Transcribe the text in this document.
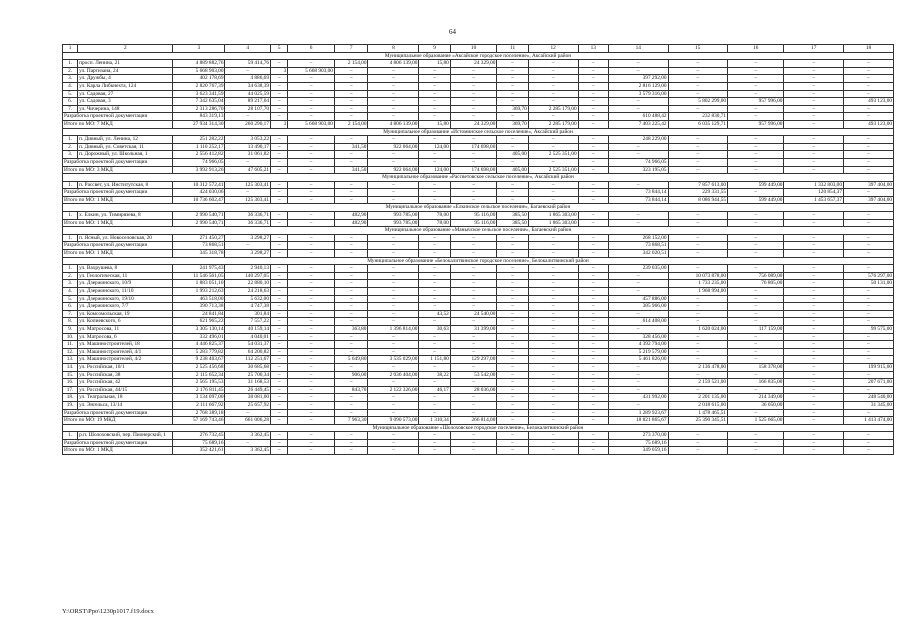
64
1	2	3	4	5	6	7	8	9	10	11	12	13	14	15	16	17	18
Муниципальное образование «Аксайское городское поселение», Аксайский район																	
1.	просп. Ленина, 21	4 889 882,76	59 414,76	–	–	2 154,00	4 806 139,00	15,80	24 329,00	–	–	–	–	–	–	–	–
2.	ул. Партизана, 24	5 668 903,00	–	3	5 668 903,00	–	–	–	–	–	–	–	–	–	–	–	–
3.	ул. Дружбы, 4	402 178,69	4 886,69	–	–	–	–	–	–	–	–	–	397 292,00	–	–	–	–
4.	ул. Карла Либкнехта, 124	2 820 767,39	34 638,39	–	–	–	–	–	–	–	–	–	2 816 129,00	–	–	–	–
5.	ул. Садовая, 27	3 623 341,59	44 025,59	–	–	–	–	–	–	–	–	–	3 579 316,00	–	–	–	–
6.	ул. Садовая, 3	7 342 635,04	89 217,04	–	–	–	–	–	–	–	–	–	–	5 802 299,00	957 996,00	–	493 123,00
7.	ул. Чичерина, 148	2 313 286,70	28 107,70	–	–	–	–	–	–	369,70	2 285 179,00	–	–	–	–	–	–
Разработка проектной документации		843 319,13	–	–	–	–	–	–	–	–	–	–	610 488,42	232 830,71	–	–	–
Итого по МО: 7 МКД		27 934 314,30	260 290,17	3	5 668 903,00	2 154,00	4 806 139,00	15,80	24 329,00	369,70	2 285 179,00	–	7 403 225,42	6 035 129,71	957 996,00	–	493 123,00
Муниципальное образование «Истоминское сельское поселение», Аксайский район																	
1.	п. Дивный, ул. Ленина, 12	251 282,22	3 053,22	–	–	–	–	–	–	–	–	–	248 229,00	–	–	–	–
2.	п. Дивный, ул. Советская, 11	1 110 252,17	13 490,17	–	–	341,50	922 064,00	124,00	174 698,00	–	–	–	–	–	–	–	–
3.	п. Дорожный, ул. Школьная, 1	2 556 412,82	31 061,82	–	–	–	–	–	–	405,00	2 525 351,00	–	–	–	–	–	–
Разработка проектной документации		74 966,05	–	–	–	–	–	–	–	–	–	–	74 966,05	–	–	–	–
Итого по МО: 3 МКД		3 992 913,26	47 605,21	–	–	341,50	922 064,00	124,00	174 698,00	405,00	2 525 351,00	–	323 195,05	–	–	–	–
Муниципальное образование «Рассветовское сельское поселение», Аксайский район																	
1.	п. Рассвет, ул. Институтская, 8	10 312 572,41	125 303,41	–	–	–	–	–	–	–	–	–	–	7 857 613,00	599 449,00	1 332 803,00	397 404,00
Разработка проектной документации		424 030,06	–	–	–	–	–	–	–	–	–	–	73 844,14	229 331,55	–	120 854,37	–
Итого по МО: 1 МКД		10 736 602,47	125 303,41	–	–	–	–	–	–	–	–	–	73 844,14	8 086 944,55	599 449,00	1 453 657,37	397 404,00
Муниципальное образование «Елкинское сельское поселение», Багаевский район																	
1.	х. Елкин, ул. Тимирязева, 8	2 990 540,71	36 336,71	–	–	482,90	993 785,00	78,00	95 116,00	385,50	1 865 303,00	–	–	–	–	–	–
Итого по МО: 1 МКД		2 990 540,71	36 336,71	–	–	482,90	993 785,00	78,00	95 116,00	385,50	1 865 303,00	–	–	–	–	–	–
Муниципальное образование «Манычское сельское поселение», Багаевский район																	
1.	п. Ясный, ул. Новоселовская, 20	271 450,27	3 298,27	–	–	–	–	–	–	–	–	–	268 152,00	–	–	–	–
Разработка проектной документации		73 868,51	–	–	–	–	–	–	–	–	–	–	73 868,51	–	–	–	–
Итого по МО: 1 МКД		345 318,78	3 298,27	–	–	–	–	–	–	–	–	–	342 020,51	–	–	–	–
Муниципальное образование «Белокалитвинское городское поселение», Белокалитвинский район																	
1.	ул. Вахрушева, 8	241 975,43	2 940,13	–	–	–	–	–	–	–	–	–	239 035,00	–	–	–	–
2.	ул. Геологическая, 11	11 546 561,05	140 297,05	–	–	–	–	–	–	–	–	–	–	10 073 878,00	756 089,00	–	576 297,00
3.	ул. Дзержинского, 10/9	1 883 051,10	22 880,10	–	–	–	–	–	–	–	–	–	–	1 733 235,00	76 805,00	–	50 131,00
4.	ул. Дзержинского, 11/10	1 993 212,63	24 218,63	–	–	–	–	–	–	–	–	–	–	1 968 994,00	–	–	–
5.	ул. Дзержинского, 19/10	463 518,00	5 632,00	–	–	–	–	–	–	–	–	–	457 886,00	–	–	–	–
6.	ул. Дзержинского, 7/7	390 713,38	4 747,38	–	–	–	–	–	–	–	–	–	385 966,00	–	–	–	–
7.	ул. Комсомольская, 19	24 841,84	301,84	–	–	–	–	43,52	24 540,00	–	–	–	–	–	–	–	–
8.	ул. Копиевского, 6	621 965,22	7 557,22	–	–	–	–	–	–	–	–	–	614 408,00	–	–	–	–
9.	ул. Матросова, 11	3 305 130,14	40 159,14	–	–	363,80	1 396 814,00	30,63	31 399,00	–	–	–	–	1 620 024,00	117 159,00	–	99 575,00
10.	ул. Матросова, 6	332 496,01	4 040,01	–	–	–	–	–	–	–	–	–	328 456,00	–	–	–	–
11.	ул. Машиностроителей, 18	4 446 825,37	54 031,37	–	–	–	–	–	–	–	–	–	4 392 794,00	–	–	–	–
12.	ул. Машиностроителей, 4/1	5 283 779,82	64 200,82	–	–	–	–	–	–	–	–	–	5 219 579,00	–	–	–	–
13.	ул. Машиностроителей, 4/2	9 238 403,67	112 251,67	–	–	5 649,80	3 535 029,00	1 151,80	129 297,00	–	–	–	5 461 826,00	–	–	–	–
14.	ул. Российская, 10/1	2 525 456,68	30 685,68	–	–	–	–	–	–	–	–	–	–	2 136 478,00	158 378,00	–	199 915,00
15.	ул. Российская, 38	2 115 652,34	25 706,34	–	–	906,00	2 036 404,00	38,22	53 542,00	–	–	–	–	–	–	–	–
16.	ул. Российская, 42	2 565 195,53	31 168,53	–	–	–	–	–	–	–	–	–	–	2 159 521,00	166 835,00	–	207 671,00
17.	ул. Российская, 44/15	2 176 811,45	26 449,45	–	–	843,70	2 122 326,00	46,17	28 036,00	–	–	–	–	–	–	–	–
18.	ул. Театральная, 18	3 134 097,00	38 081,00	–	–	–	–	–	–	–	–	–	431 992,00	2 201 135,00	214 349,00	–	248 540,00
19.	ул. Энгельса, 13/14	2 111 667,92	25 657,92	–	–	–	–	–	–	–	–	–	–	2 018 615,00	36 050,00	–	31 345,00
Разработка проектной документации		2 768 389,18	–	–	–	–	–	–	–	–	–	–	1 289 923,67	1 478 465,51	–	–	–
Итого по МО: 19 МКД		57 169 743,46	661 006,28	–	–	7 963,30	9 090 573,00	1 310,34	266 814,00	–	–	–	18 821 865,67	25 390 345,51	1 525 665,00	–	1 413 474,00
Муниципальное образование «Шолоховское городское поселение», Белокалитвинский район																	
1.	р.п. Шолоховский, пер. Пионерский, 1	276 732,45	3 362,45	–	–	–	–	–	–	–	–	–	273 370,00	–	–	–	–
Разработка проектной документации		75 689,16	–	–	–	–	–	–	–	–	–	–	75 689,16	–	–	–	–
Итого по МО: 1 МКД		352 421,61	3 362,45	–	–	–	–	–	–	–	–	–	349 059,16	–	–	–	–
Y:\ORST\Ppo\1230p1017.f19.docx
